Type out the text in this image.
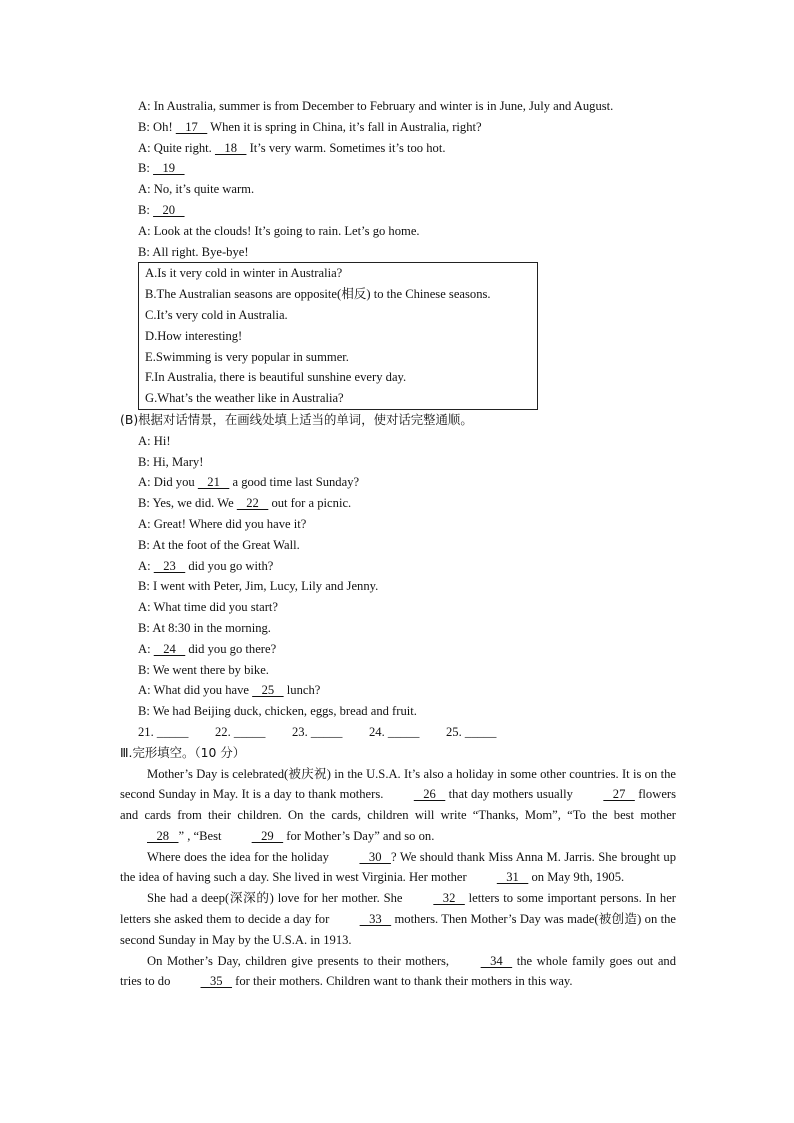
A: In Australia, summer is from December to February and winter is in June, July and August.
B: Oh!    17    When it is spring in China, it’s fall in Australia, right?
A: Quite right.    18    It’s very warm. Sometimes it’s too hot.
B:    19
A: No, it’s quite warm.
B:    20
A: Look at the clouds! It’s going to rain. Let’s go home.
B: All right. Bye-bye!
A.Is it very cold in winter in Australia?
B.The Australian seasons are opposite(相反) to the Chinese seasons.
C.It’s very cold in Australia.
D.How interesting!
E.Swimming is very popular in summer.
F.In Australia, there is beautiful sunshine every day.
G.What’s the weather like in Australia?
(B)根据对话情景，在画线处填上适当的单词，使对话完整通顺。
A: Hi!
B: Hi, Mary!
A: Did you    21    a good time last Sunday?
B: Yes, we did. We    22    out for a picnic.
A: Great! Where did you have it?
B: At the foot of the Great Wall.
A:    23    did you go with?
B: I went with Peter, Jim, Lucy, Lily and Jenny.
A: What time did you start?
B: At 8:30 in the morning.
A:    24    did you go there?
B: We went there by bike.
A: What did you have    25    lunch?
B: We had Beijing duck, chicken, eggs, bread and fruit.
21. _____ 22. _____ 23. _____ 24. _____ 25. _____
Ⅲ.完形填空。（10 分）

Mother’s Day is celebrated(被庆祝) in the U.S.A. It’s also a holiday in some other countries. It is on the second Sunday in May. It is a day to thank mothers.    26    that day mothers usually    27    flowers and cards from their children. On the cards, children will write “Thanks, Mom”, “To the best mother    28   ” , “Best    29    for Mother’s Day” and so on.

Where does the idea for the holiday    30   ? We should thank Miss Anna M. Jarris. She brought up the idea of having such a day. She lived in west Virginia. Her mother    31    on May 9th, 1905.

She had a deep(深深的) love for her mother. She    32    letters to some important persons. In her letters she asked them to decide a day for    33    mothers. Then Mother’s Day was made(被创造) on the second Sunday in May by the U.S.A. in 1913.

On Mother’s Day, children give presents to their mothers,    34    the whole family goes out and tries to do    35    for their mothers. Children want to thank their mothers in this way.
